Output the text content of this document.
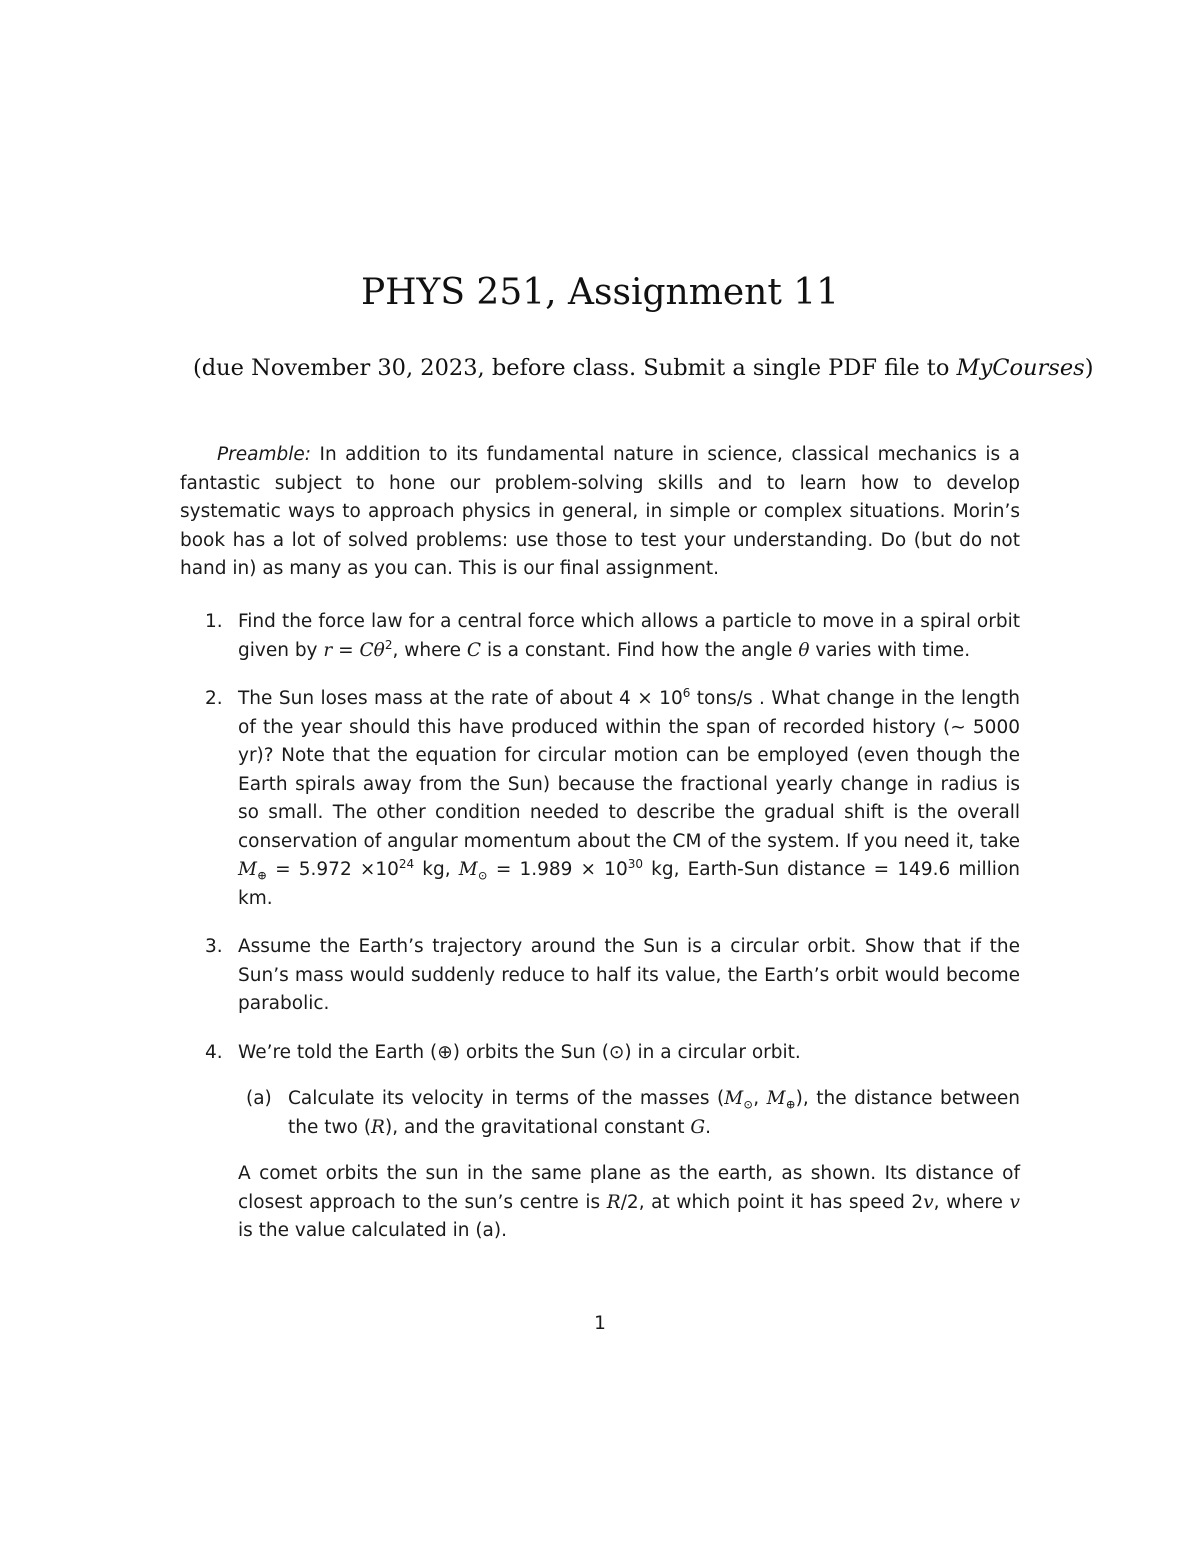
PHYS 251, Assignment 11
(due November 30, 2023, before class. Submit a single PDF file to MyCourses)
Preamble: In addition to its fundamental nature in science, classical mechanics is a fantastic subject to hone our problem-solving skills and to learn how to develop systematic ways to approach physics in general, in simple or complex situations. Morin’s book has a lot of solved problems: use those to test your understanding. Do (but do not hand in) as many as you can. This is our final assignment.
1. Find the force law for a central force which allows a particle to move in a spiral orbit given by $r = C\theta^2$, where C is a constant. Find how the angle θ varies with time.
2. The Sun loses mass at the rate of about $4 \times 10^6$ tons/s . What change in the length of the year should this have produced within the span of recorded history (∼ 5000 yr)? Note that the equation for circular motion can be employed (even though the Earth spirals away from the Sun) because the fractional yearly change in radius is so small. The other condition needed to describe the gradual shift is the overall conservation of angular momentum about the CM of the system. If you need it, take $M_\oplus = 5.972 \times 10^{24}$ kg, $M_⊙ = 1.989 \times 10^{30}$ kg, Earth-Sun distance = 149.6 million km.
3. Assume the Earth’s trajectory around the Sun is a circular orbit. Show that if the Sun’s mass would suddenly reduce to half its value, the Earth’s orbit would become parabolic.
4. We’re told the Earth (⊕) orbits the Sun (⊙) in a circular orbit.
(a) Calculate its velocity in terms of the masses ($M_⊙$, $M_\oplus$), the distance between the two (R), and the gravitational constant G.
A comet orbits the sun in the same plane as the earth, as shown. Its distance of closest approach to the sun’s centre is R/2, at which point it has speed 2v, where v is the value calculated in (a).
1
